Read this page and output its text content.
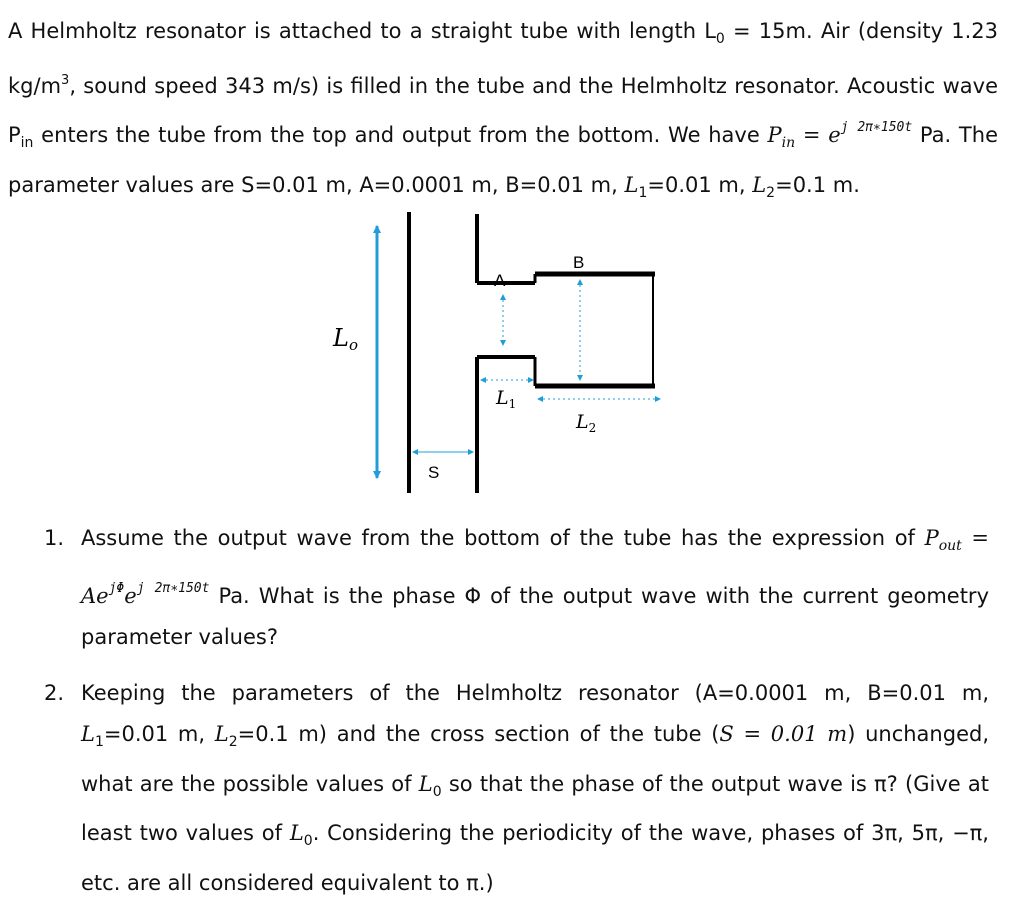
A Helmholtz resonator is attached to a straight tube with length $L_0 = 15m$. Air (density 1.23 $kg/m^3$, sound speed 343 m/s) is filled in the tube and the Helmholtz resonator. Acoustic wave $P_{in}$ enters the tube from the top and output from the bottom. We have $P_{in} = e^{j 2\pi∗150t}$ Pa. The parameter values are S=0.01 m, A=0.0001 m, B=0.01 m, $L_1=0.01$ m, $L_2=0.1$ m.
Lo
A
B
$L_1$
$L_2$
S
1. Assume the output wave from the bottom of the tube has the expression of $P_{out} = Ae^{j\Phi}e^{j 2\pi∗150t}$ Pa. What is the phase Φ of the output wave with the current geometry parameter values?
2. Keeping the parameters of the Helmholtz resonator (A=0.0001 m, B=0.01 m, $L_1=0.01$ m, $L_2=0.1$ m) and the cross section of the tube (S = 0.01 m) unchanged, what are the possible values of $L_0$ so that the phase of the output wave is π? (Give at least two values of $L_0$. Considering the periodicity of the wave, phases of 3π, 5π, −π, etc. are all considered equivalent to π.)
